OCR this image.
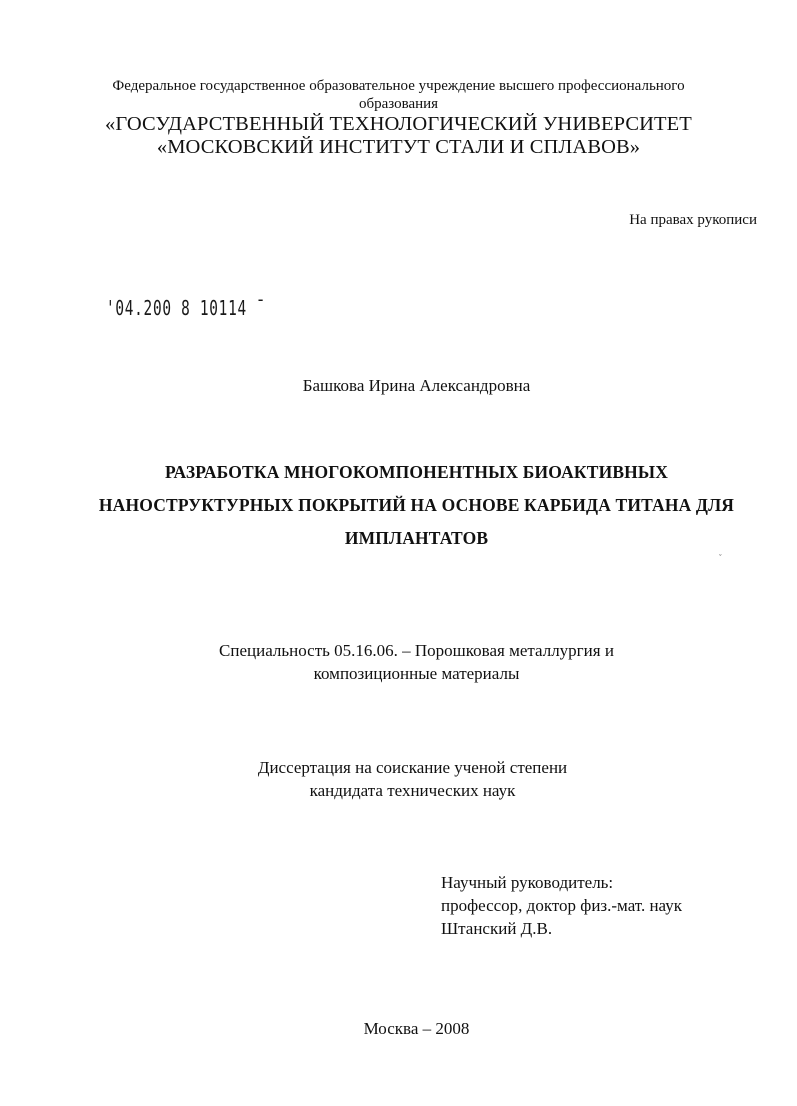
Федеральное государственное образовательное учреждение высшего профессионального
образования
«ГОСУДАРСТВЕННЫЙ ТЕХНОЛОГИЧЕСКИЙ УНИВЕРСИТЕТ
«МОСКОВСКИЙ ИНСТИТУТ СТАЛИ И СПЛАВОВ»
На правах рукописи
'04.200 8 10114 ˉ
Башкова Ирина Александровна
РАЗРАБОТКА МНОГОКОМПОНЕНТНЫХ БИОАКТИВНЫХ
НАНОСТРУКТУРНЫХ ПОКРЫТИЙ НА ОСНОВЕ КАРБИДА ТИТАНА ДЛЯ
ИМПЛАНТАТОВ
ˇ
Специальность 05.16.06. – Порошковая металлургия и
композиционные материалы
Диссертация на соискание ученой степени
кандидата технических наук
Научный руководитель:
профессор, доктор физ.-мат. наук
Штанский Д.В.
Москва – 2008
